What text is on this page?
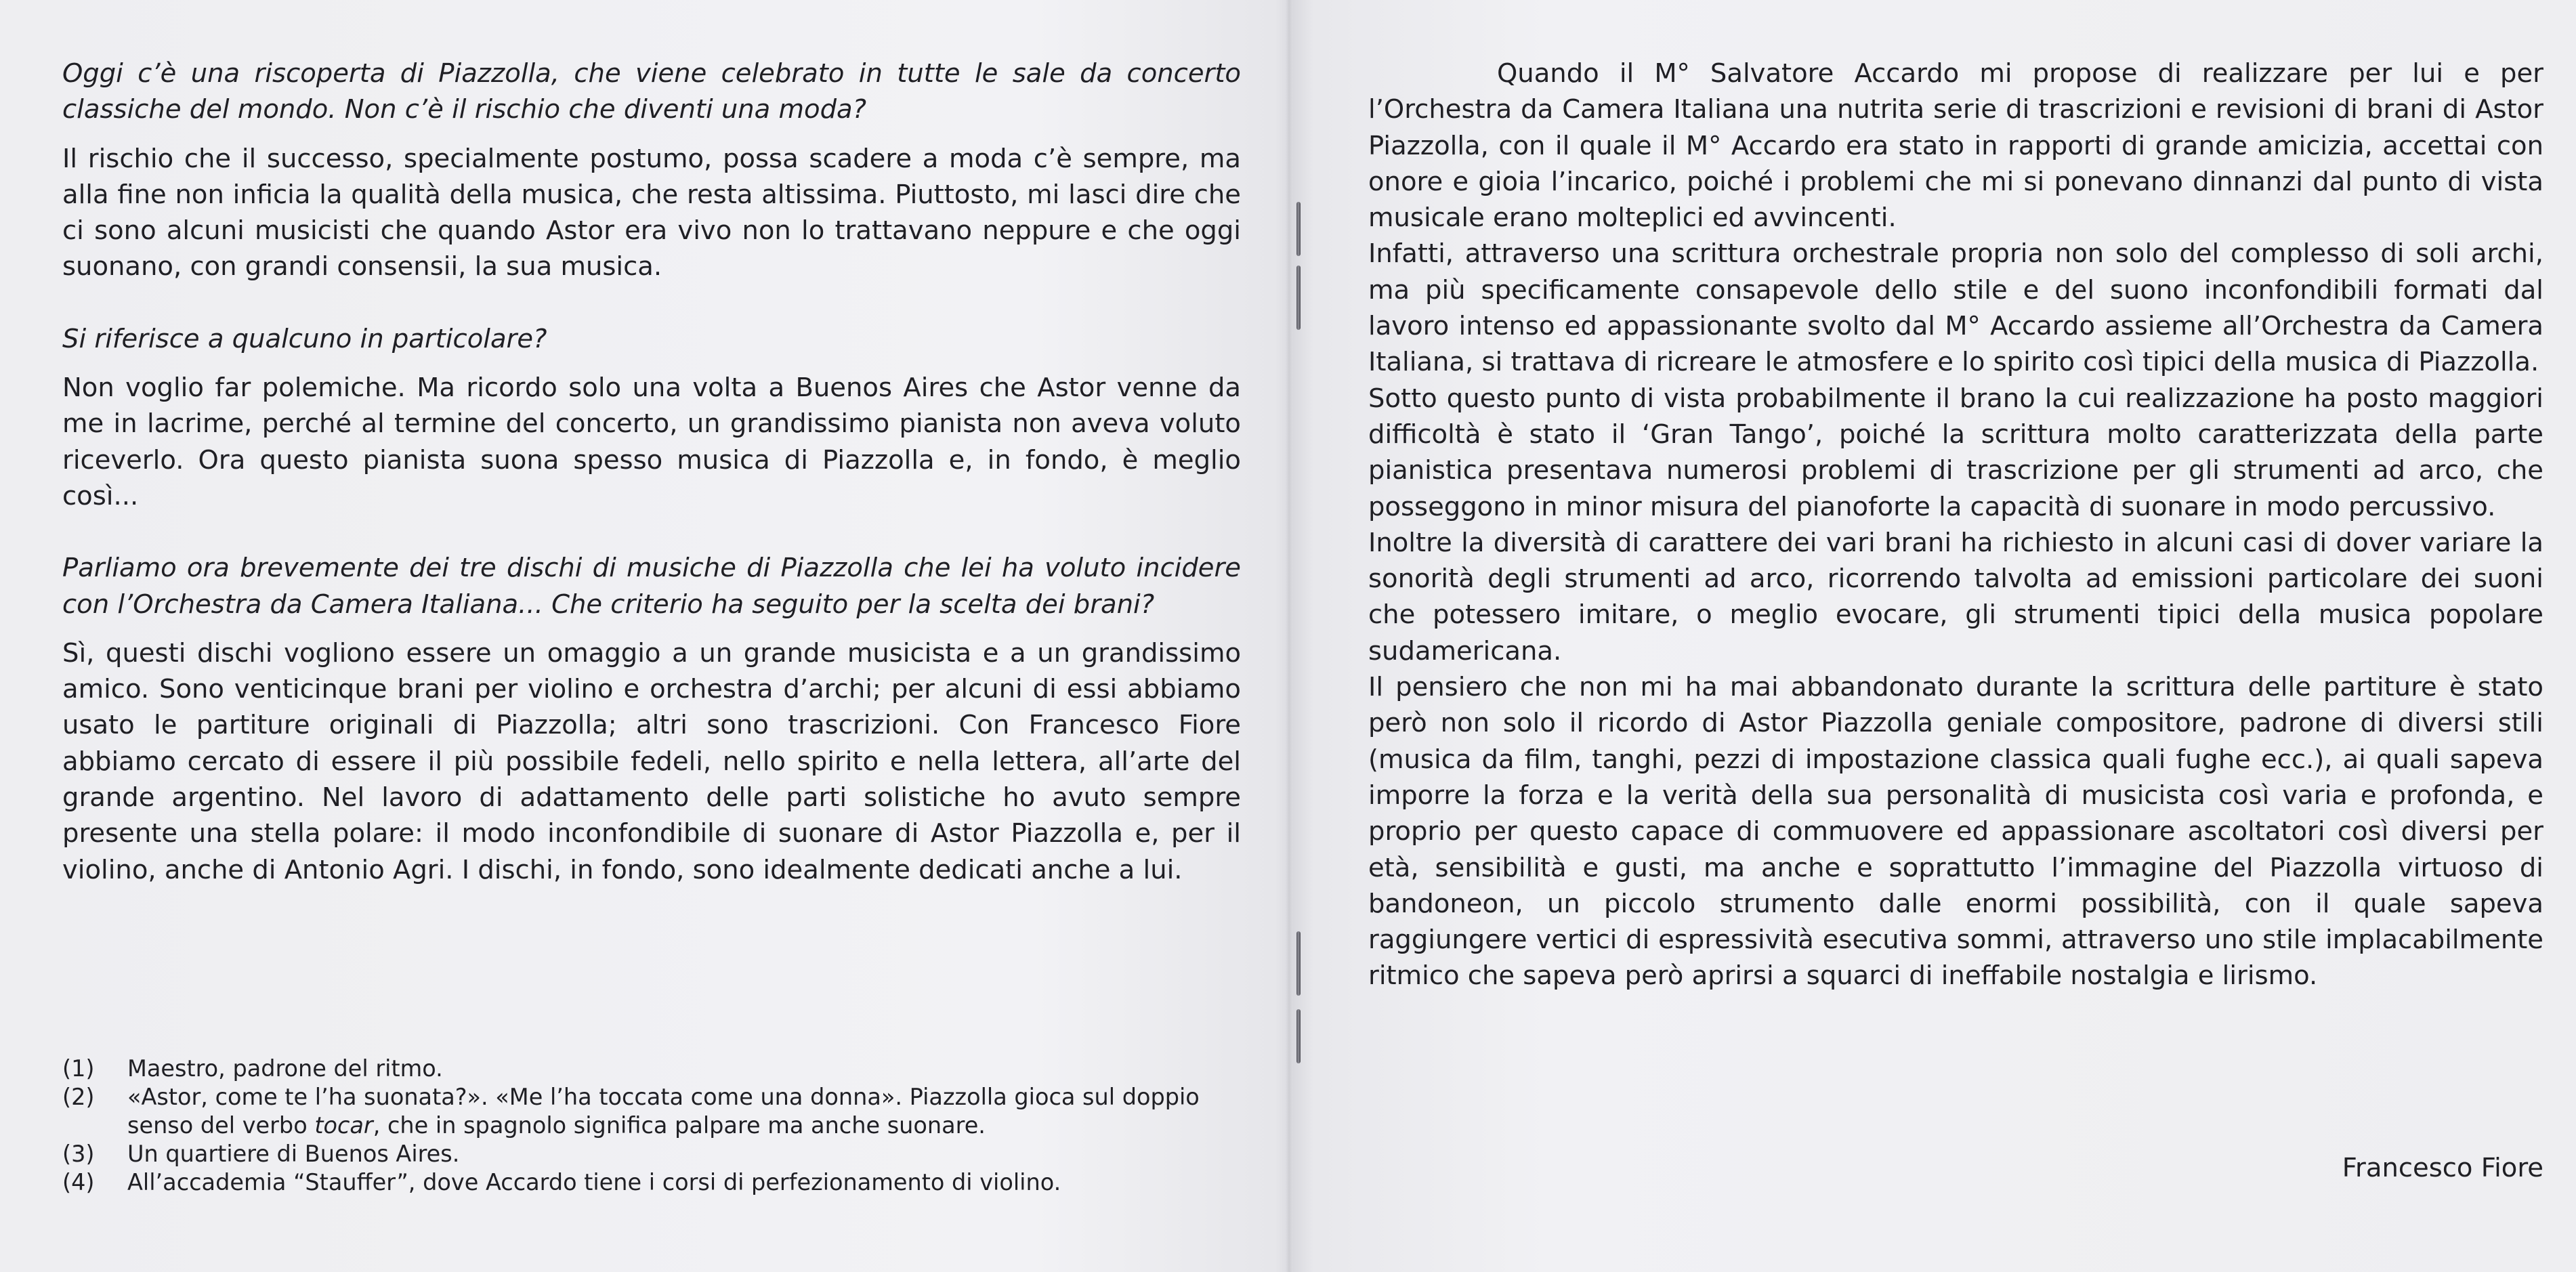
Oggi c’è una riscoperta di Piazzolla, che viene celebrato in tutte le sale da concerto classiche del mondo. Non c’è il rischio che diventi una moda?

Il rischio che il successo, specialmente postumo, possa scadere a moda c’è sempre, ma alla fine non inficia la qualità della musica, che resta altissima. Piuttosto, mi lasci dire che ci sono alcuni musicisti che quando Astor era vivo non lo trattavano neppure e che oggi suonano, con grandi consensii, la sua musica.

Si riferisce a qualcuno in particolare?

Non voglio far polemiche. Ma ricordo solo una volta a Buenos Aires che Astor venne da me in lacrime, perché al termine del concerto, un grandissimo pianista non aveva voluto riceverlo. Ora questo pianista suona spesso musica di Piazzolla e, in fondo, è meglio così...

Parliamo ora brevemente dei tre dischi di musiche di Piazzolla che lei ha voluto incidere con l’Orchestra da Camera Italiana... Che criterio ha seguito per la scelta dei brani?

Sì, questi dischi vogliono essere un omaggio a un grande musicista e a un grandissimo amico. Sono venticinque brani per violino e orchestra d’archi; per alcuni di essi abbiamo usato le partiture originali di Piazzolla; altri sono trascrizioni. Con Francesco Fiore abbiamo cercato di essere il più possibile fedeli, nello spirito e nella lettera, all’arte del grande argentino. Nel lavoro di adattamento delle parti solistiche ho avuto sempre presente una stella polare: il modo inconfondibile di suonare di Astor Piazzolla e, per il violino, anche di Antonio Agri. I dischi, in fondo, sono idealmente dedicati anche a lui.

(1)	Maestro, padrone del ritmo.
(2)	«Astor, come te l’ha suonata?». «Me l’ha toccata come una donna». Piazzolla gioca sul doppio senso del verbo tocar, che in spagnolo significa palpare ma anche suonare.
(3)	Un quartiere di Buenos Aires.
(4)	All’accademia “Stauffer”, dove Accardo tiene i corsi di perfezionamento di violino.

Quando il M° Salvatore Accardo mi propose di realizzare per lui e per l’Orchestra da Camera Italiana una nutrita serie di trascrizioni e revisioni di brani di Astor Piazzolla, con il quale il M° Accardo era stato in rapporti di grande amicizia, accettai con onore e gioia l’incarico, poiché i problemi che mi si ponevano dinnanzi dal punto di vista musicale erano molteplici ed avvincenti.

Infatti, attraverso una scrittura orchestrale propria non solo del complesso di soli archi, ma più specificamente consapevole dello stile e del suono inconfondibili formati dal lavoro intenso ed appassionante svolto dal M° Accardo assieme all’Orchestra da Camera Italiana, si trattava di ricreare le atmosfere e lo spirito così tipici della musica di Piazzolla.

Sotto questo punto di vista probabilmente il brano la cui realizzazione ha posto maggiori difficoltà è stato il ‘Gran Tango’, poiché la scrittura molto caratterizzata della parte pianistica presentava numerosi problemi di trascrizione per gli strumenti ad arco, che posseggono in minor misura del pianoforte la capacità di suonare in modo percussivo.

Inoltre la diversità di carattere dei vari brani ha richiesto in alcuni casi di dover variare la sonorità degli strumenti ad arco, ricorrendo talvolta ad emissioni particolare dei suoni che potessero imitare, o meglio evocare, gli strumenti tipici della musica popolare sudamericana.

Il pensiero che non mi ha mai abbandonato durante la scrittura delle partiture è stato però non solo il ricordo di Astor Piazzolla geniale compositore, padrone di diversi stili (musica da film, tanghi, pezzi di impostazione classica quali fughe ecc.), ai quali sapeva imporre la forza e la verità della sua personalità di musicista così varia e profonda, e proprio per questo capace di commuovere ed appassionare ascoltatori così diversi per età, sensibilità e gusti, ma anche e soprattutto l’immagine del Piazzolla virtuoso di bandoneon, un piccolo strumento dalle enormi possibilità, con il quale sapeva raggiungere vertici di espressività esecutiva sommi, attraverso uno stile implacabilmente ritmico che sapeva però aprirsi a squarci di ineffabile nostalgia e lirismo.

Francesco Fiore
